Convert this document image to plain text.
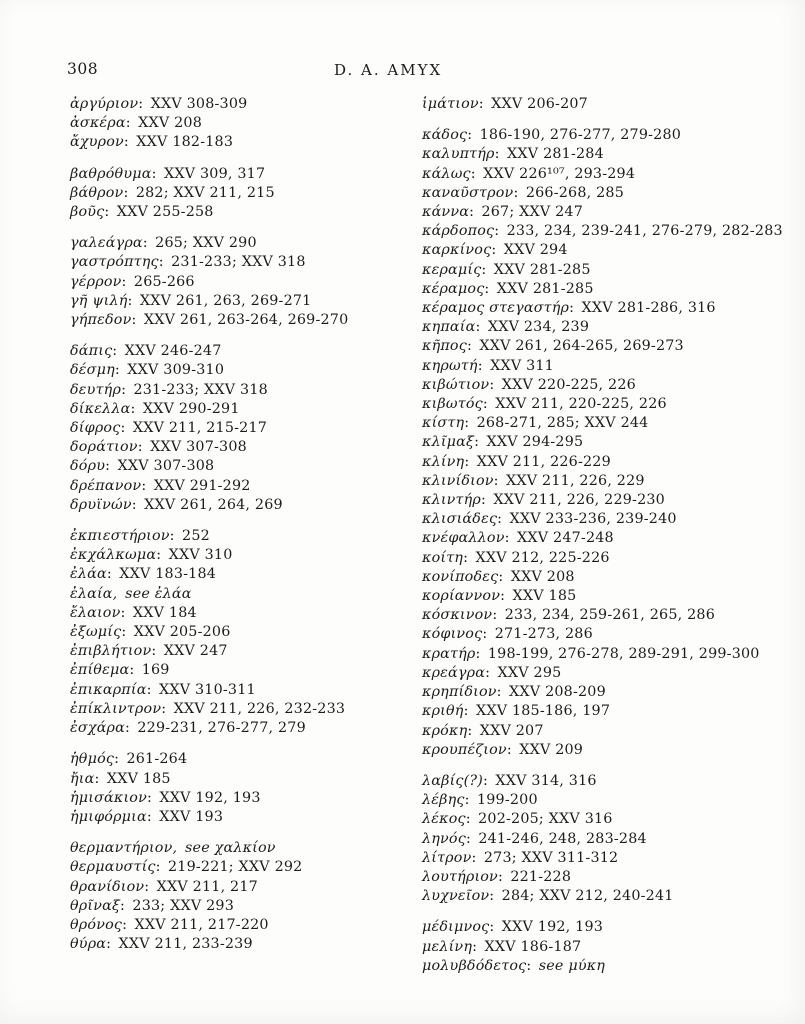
308	D. A. AMYX
ἀργύριον: XXV 308-309
ἀσκέρα: XXV 208
ἄχυρον: XXV 182-183
βαθρόθυμα: XXV 309, 317
βάθρον: 282; XXV 211, 215
βοῦς: XXV 255-258
γαλεάγρα: 265; XXV 290
γαστρόπτης: 231-233; XXV 318
γέρρον: 265-266
γῆ ψιλή: XXV 261, 263, 269-271
γήπεδον: XXV 261, 263-264, 269-270
δάπις: XXV 246-247
δέσμη: XXV 309-310
δευτήρ: 231-233; XXV 318
δίκελλα: XXV 290-291
δίφρος: XXV 211, 215-217
δοράτιον: XXV 307-308
δόρυ: XXV 307-308
δρέπανον: XXV 291-292
δρυϊνών: XXV 261, 264, 269
ἐκπιεστήριον: 252
ἐκχάλκωμα: XXV 310
ἐλάα: XXV 183-184
ἐλαία, see ἐλάα
ἔλαιον: XXV 184
ἐξωμίς: XXV 205-206
ἐπιβλήτιον: XXV 247
ἐπίθεμα: 169
ἐπικαρπία: XXV 310-311
ἐπίκλιντρον: XXV 211, 226, 232-233
ἐσχάρα: 229-231, 276-277, 279
ἡθμός: 261-264
ἤια: XXV 185
ἡμισάκιον: XXV 192, 193
ἡμιφόρμια: XXV 193
θερμαντήριον, see χαλκίον
θερμαυστίς: 219-221; XXV 292
θρανίδιον: XXV 211, 217
θρῖναξ: 233; XXV 293
θρόνος: XXV 211, 217-220
θύρα: XXV 211, 233-239
ἱμάτιον: XXV 206-207
κάδος: 186-190, 276-277, 279-280
καλυπτήρ: XXV 281-284
κάλως: XXV 226¹⁰⁷, 293-294
καναῦστρον: 266-268, 285
κάννα: 267; XXV 247
κάρδοπος: 233, 234, 239-241, 276-279, 282-283
καρκίνος: XXV 294
κεραμίς: XXV 281-285
κέραμος: XXV 281-285
κέραμος στεγαστήρ: XXV 281-286, 316
κηπαία: XXV 234, 239
κῆπος: XXV 261, 264-265, 269-273
κηρωτή: XXV 311
κιβώτιον: XXV 220-225, 226
κιβωτός: XXV 211, 220-225, 226
κίστη: 268-271, 285; XXV 244
κλῖμαξ: XXV 294-295
κλίνη: XXV 211, 226-229
κλινίδιον: XXV 211, 226, 229
κλιντήρ: XXV 211, 226, 229-230
κλισιάδες: XXV 233-236, 239-240
κνέφαλλον: XXV 247-248
κοίτη: XXV 212, 225-226
κονίποδες: XXV 208
κορίαννον: XXV 185
κόσκινον: 233, 234, 259-261, 265, 286
κόφινος: 271-273, 286
κρατήρ: 198-199, 276-278, 289-291, 299-300
κρεάγρα: XXV 295
κρηπίδιον: XXV 208-209
κριθή: XXV 185-186, 197
κρόκη: XXV 207
κρουπέζιον: XXV 209
λαβίς(?): XXV 314, 316
λέβης: 199-200
λέκος: 202-205; XXV 316
ληνός: 241-246, 248, 283-284
λίτρον: 273; XXV 311-312
λουτήριον: 221-228
λυχνεῖον: 284; XXV 212, 240-241
μέδιμνος: XXV 192, 193
μελίνη: XXV 186-187
μολυβδόδετος: see μύκη
